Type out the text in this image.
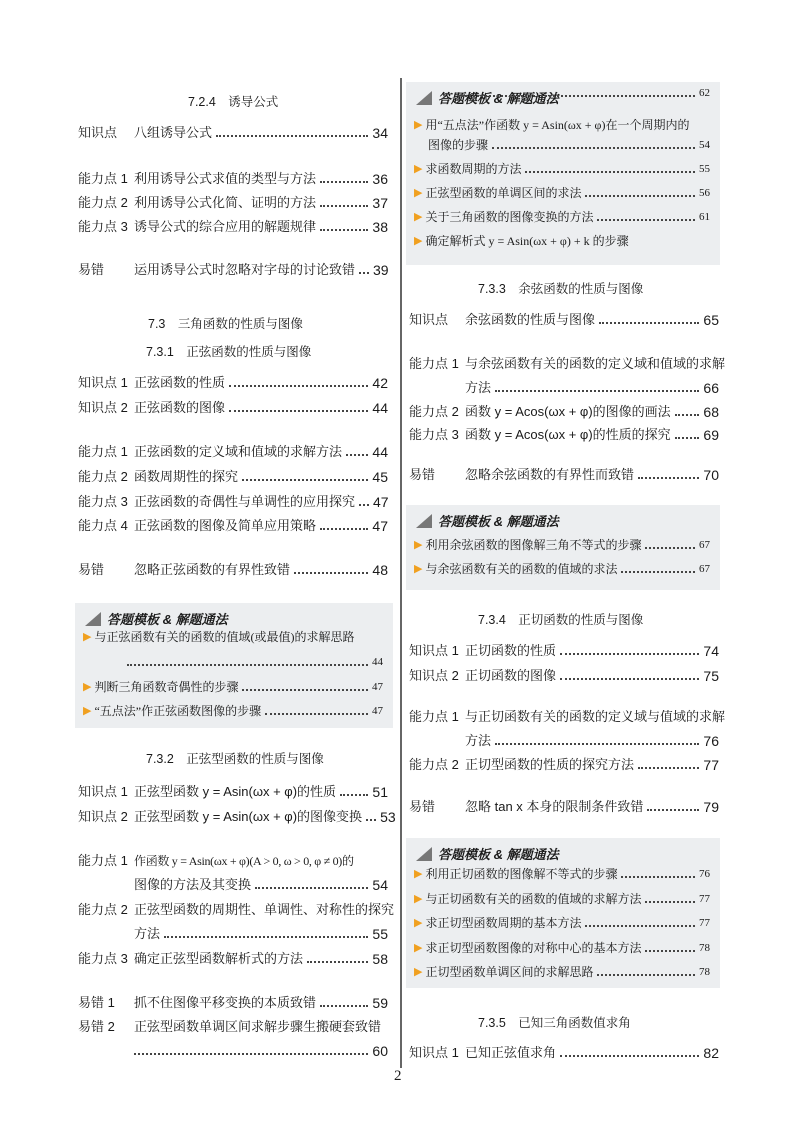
7.2.4　诱导公式
2
知识点	八组诱导公式	34
能力点 1 利用诱导公式求值的类型与方法	36
能力点 2 利用诱导公式化简、证明的方法	37
能力点 3 诱导公式的综合应用的解题规律	38
易错	运用诱导公式时忽略对字母的讨论致错 39
7.3　三角函数的性质与图像
7.3.1　正弦函数的性质与图像
知识点 1 正弦函数的性质	42
知识点 2 正弦函数的图像	44
能力点 1 正弦函数的定义域和值域的求解方法 44
能力点 2 函数周期性的探究	45
能力点 3 正弦函数的奇偶性与单调性的应用探究 47
能力点 4 正弦函数的图像及简单应用策略	47
易错	忽略正弦函数的有界性致错	48
答题模板 & 解题通法
▶ 与正弦函数有关的函数的值域(或最值)的求解思路
44
▶ 判断三角函数奇偶性的步骤	47
▶ “五点法”作正弦函数图像的步骤	47
7.3.2　正弦型函数的性质与图像
知识点 1 正弦型函数 y = Asin(ωx + φ)的性质	51
知识点 2 正弦型函数 y = Asin(ωx + φ)的图像变换 53
能力点 1 作函数 y = Asin(ωx + φ)(A > 0, ω > 0, φ ≠ 0)的
图像的方法及其变换	54
能力点 2 正弦型函数的周期性、单调性、对称性的探究
方法	55
能力点 3 确定正弦型函数解析式的方法	58
易错 1	抓不住图像平移变换的本质致错	59
易错 2	正弦型函数单调区间求解步骤生搬硬套致错
60
答题模板 & 解题通法
▶ 用“五点法”作函数 y = Asin(ωx + φ)在一个周期内的
图像的步骤	54
▶ 求函数周期的方法	55
▶ 正弦型函数的单调区间的求法	56
▶ 关于三角函数的图像变换的方法	61
▶ 确定解析式 y = Asin(ωx + φ) + k 的步骤
62
7.3.3　余弦函数的性质与图像
知识点	余弦函数的性质与图像	65
能力点 1 与余弦函数有关的函数的定义域和值域的求解
方法	66
能力点 2 函数 y = Acos(ωx + φ)的图像的画法 68
能力点 3 函数 y = Acos(ωx + φ)的性质的探究 69
易错	忽略余弦函数的有界性而致错	70
答题模板 & 解题通法
▶ 利用余弦函数的图像解三角不等式的步骤	67
▶ 与余弦函数有关的函数的值域的求法	67
7.3.4　正切函数的性质与图像
知识点 1 正切函数的性质	74
知识点 2 正切函数的图像	75
能力点 1 与正切函数有关的函数的定义域与值域的求解
方法	76
能力点 2 正切型函数的性质的探究方法	77
易错	忽略 tan x 本身的限制条件致错	79
答题模板 & 解题通法
▶ 利用正切函数的图像解不等式的步骤	76
▶ 与正切函数有关的函数的值域的求解方法	77
▶ 求正切型函数周期的基本方法	77
▶ 求正切型函数图像的对称中心的基本方法	78
▶ 正切型函数单调区间的求解思路	78
7.3.5　已知三角函数值求角
知识点 1 已知正弦值求角	82
